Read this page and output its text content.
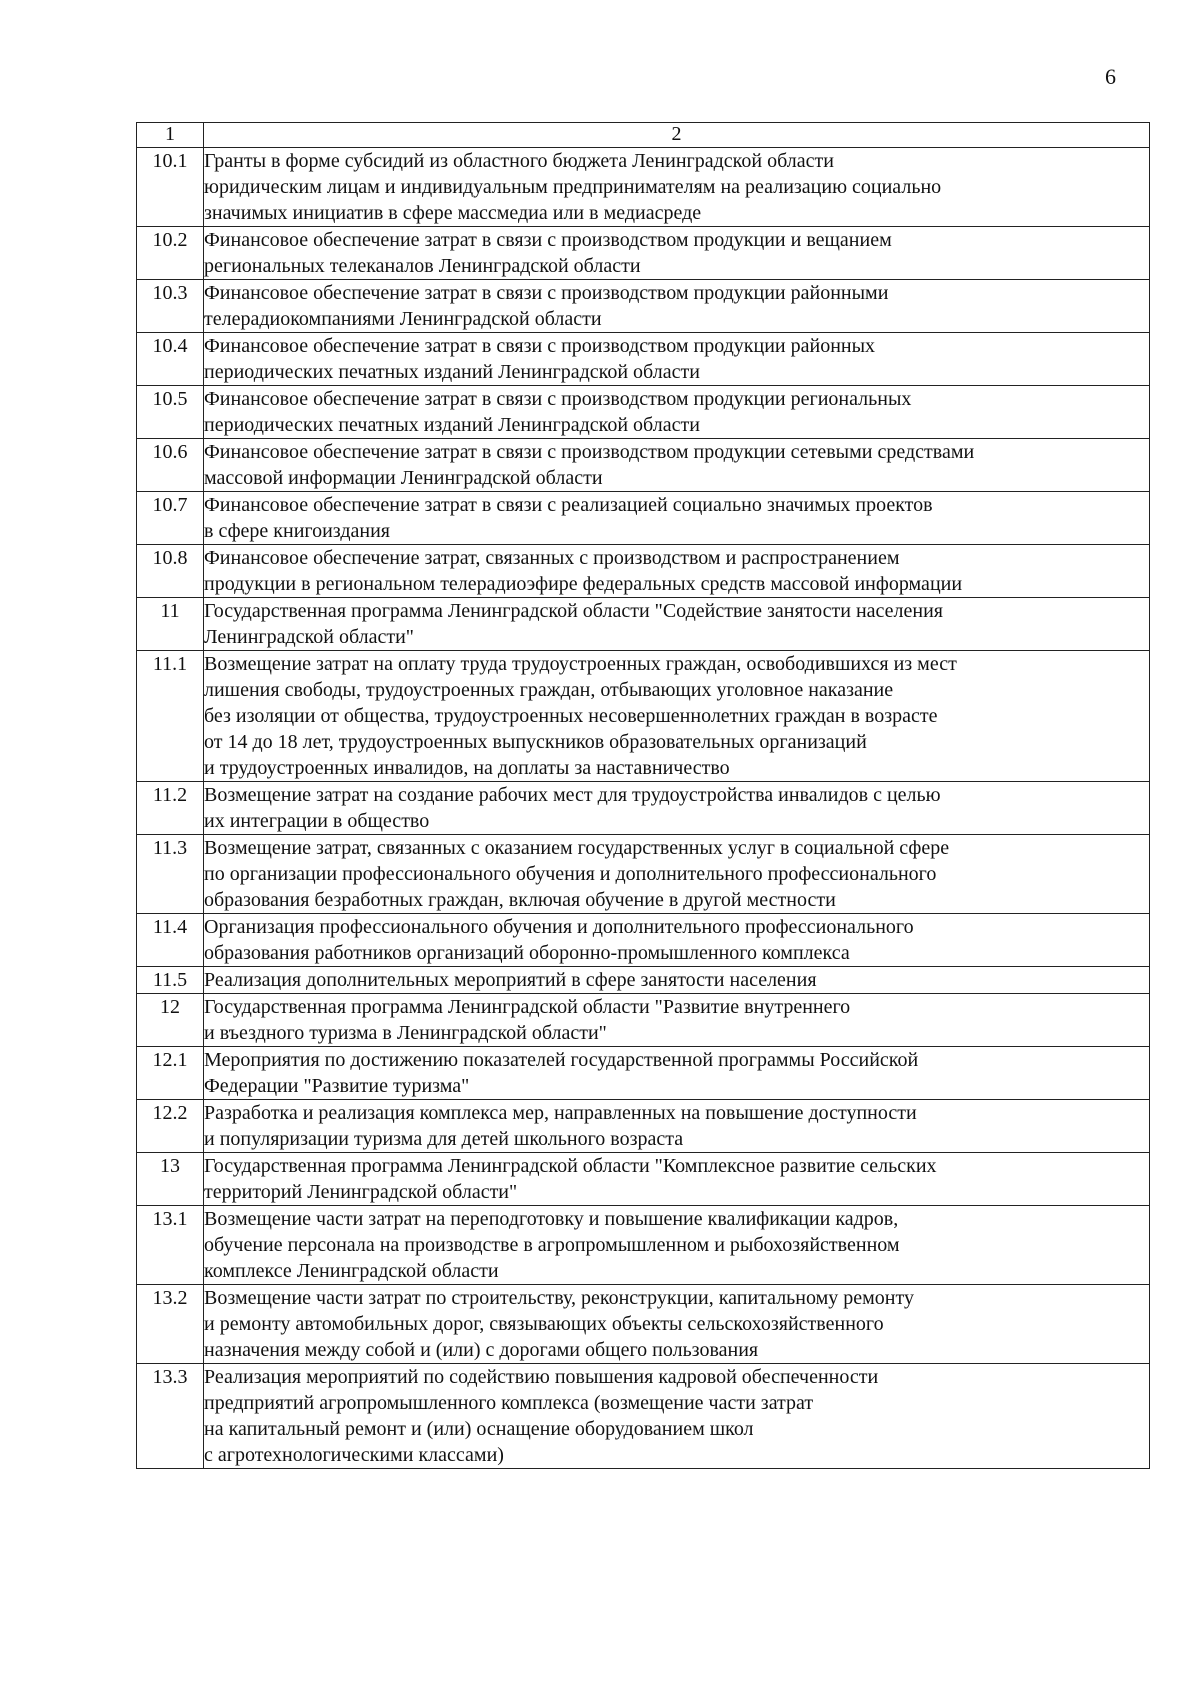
6
1	2
10.1	Гранты в форме субсидий из областного бюджета Ленинградской области
юридическим лицам и индивидуальным предпринимателям на реализацию социально
значимых инициатив в сфере массмедиа или в медиасреде
10.2	Финансовое обеспечение затрат в связи с производством продукции и вещанием
региональных телеканалов Ленинградской области
10.3	Финансовое обеспечение затрат в связи с производством продукции районными
телерадиокомпаниями Ленинградской области
10.4	Финансовое обеспечение затрат в связи с производством продукции районных
периодических печатных изданий Ленинградской области
10.5	Финансовое обеспечение затрат в связи с производством продукции региональных
периодических печатных изданий Ленинградской области
10.6	Финансовое обеспечение затрат в связи с производством продукции сетевыми средствами
массовой информации Ленинградской области
10.7	Финансовое обеспечение затрат в связи с реализацией социально значимых проектов
в сфере книгоиздания
10.8	Финансовое обеспечение затрат, связанных с производством и распространением
продукции в региональном телерадиоэфире федеральных средств массовой информации
11	Государственная программа Ленинградской области "Содействие занятости населения
Ленинградской области"
11.1	Возмещение затрат на оплату труда трудоустроенных граждан, освободившихся из мест
лишения свободы, трудоустроенных граждан, отбывающих уголовное наказание
без изоляции от общества, трудоустроенных несовершеннолетних граждан в возрасте
от 14 до 18 лет, трудоустроенных выпускников образовательных организаций
и трудоустроенных инвалидов, на доплаты за наставничество
11.2	Возмещение затрат на создание рабочих мест для трудоустройства инвалидов с целью
их интеграции в общество
11.3	Возмещение затрат, связанных с оказанием государственных услуг в социальной сфере
по организации профессионального обучения и дополнительного профессионального
образования безработных граждан, включая обучение в другой местности
11.4	Организация профессионального обучения и дополнительного профессионального
образования работников организаций оборонно-промышленного комплекса
11.5	Реализация дополнительных мероприятий в сфере занятости населения
12	Государственная программа Ленинградской области "Развитие внутреннего
и въездного туризма в Ленинградской области"
12.1	Мероприятия по достижению показателей государственной программы Российской
Федерации "Развитие туризма"
12.2	Разработка и реализация комплекса мер, направленных на повышение доступности
и популяризации туризма для детей школьного возраста
13	Государственная программа Ленинградской области "Комплексное развитие сельских
территорий Ленинградской области"
13.1	Возмещение части затрат на переподготовку и повышение квалификации кадров,
обучение персонала на производстве в агропромышленном и рыбохозяйственном
комплексе Ленинградской области
13.2	Возмещение части затрат по строительству, реконструкции, капитальному ремонту
и ремонту автомобильных дорог, связывающих объекты сельскохозяйственного
назначения между собой и (или) с дорогами общего пользования
13.3	Реализация мероприятий по содействию повышения кадровой обеспеченности
предприятий агропромышленного комплекса (возмещение части затрат
на капитальный ремонт и (или) оснащение оборудованием школ
с агротехнологическими классами)
